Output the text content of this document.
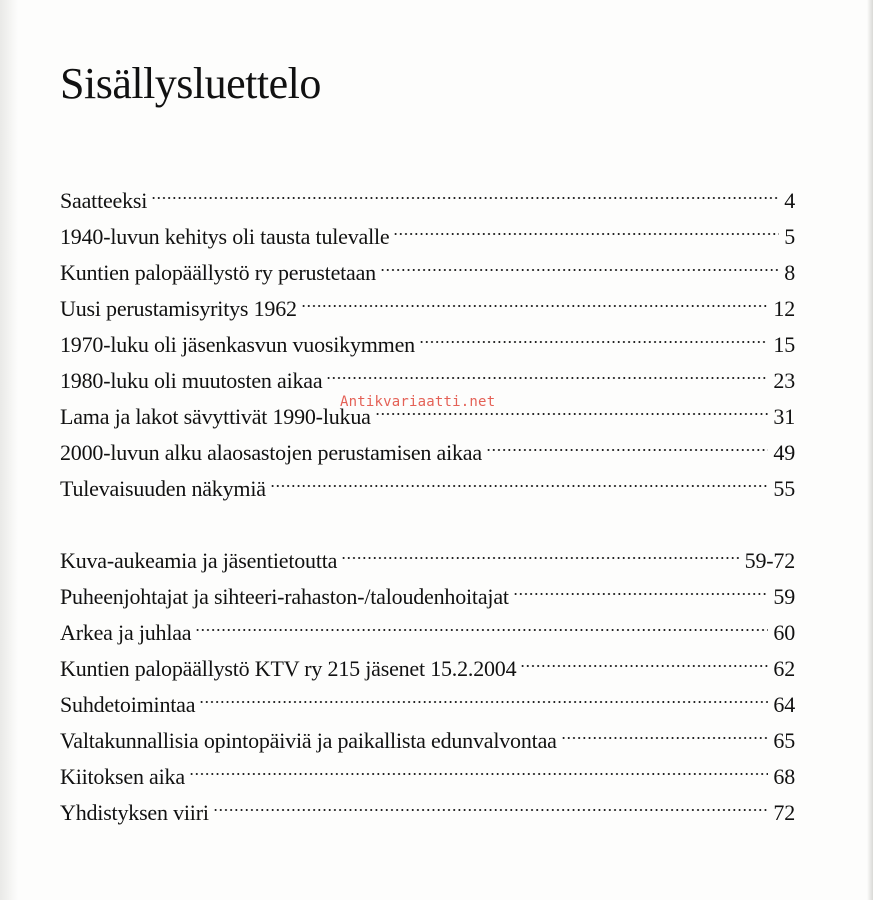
Sisällysluettelo
Saatteeksi	4
1940-luvun kehitys oli tausta tulevalle	5
Kuntien palopäällystö ry perustetaan	8
Uusi perustamisyritys 1962	12
1970-luku oli jäsenkasvun vuosikymmen	15
1980-luku oli muutosten aikaa	23
Lama ja lakot sävyttivät 1990-lukua	31
2000-luvun alku alaosastojen perustamisen aikaa	49
Tulevaisuuden näkymiä	55
Kuva-aukeamia ja jäsentietoutta	59-72
Puheenjohtajat ja sihteeri-rahaston-/taloudenhoitajat	59
Arkea ja juhlaa	60
Kuntien palopäällystö KTV ry 215 jäsenet 15.2.2004	62
Suhdetoimintaa	64
Valtakunnallisia opintopäiviä ja paikallista edunvalvontaa	65
Kiitoksen aika	68
Yhdistyksen viiri	72
Antikvariaatti.net
